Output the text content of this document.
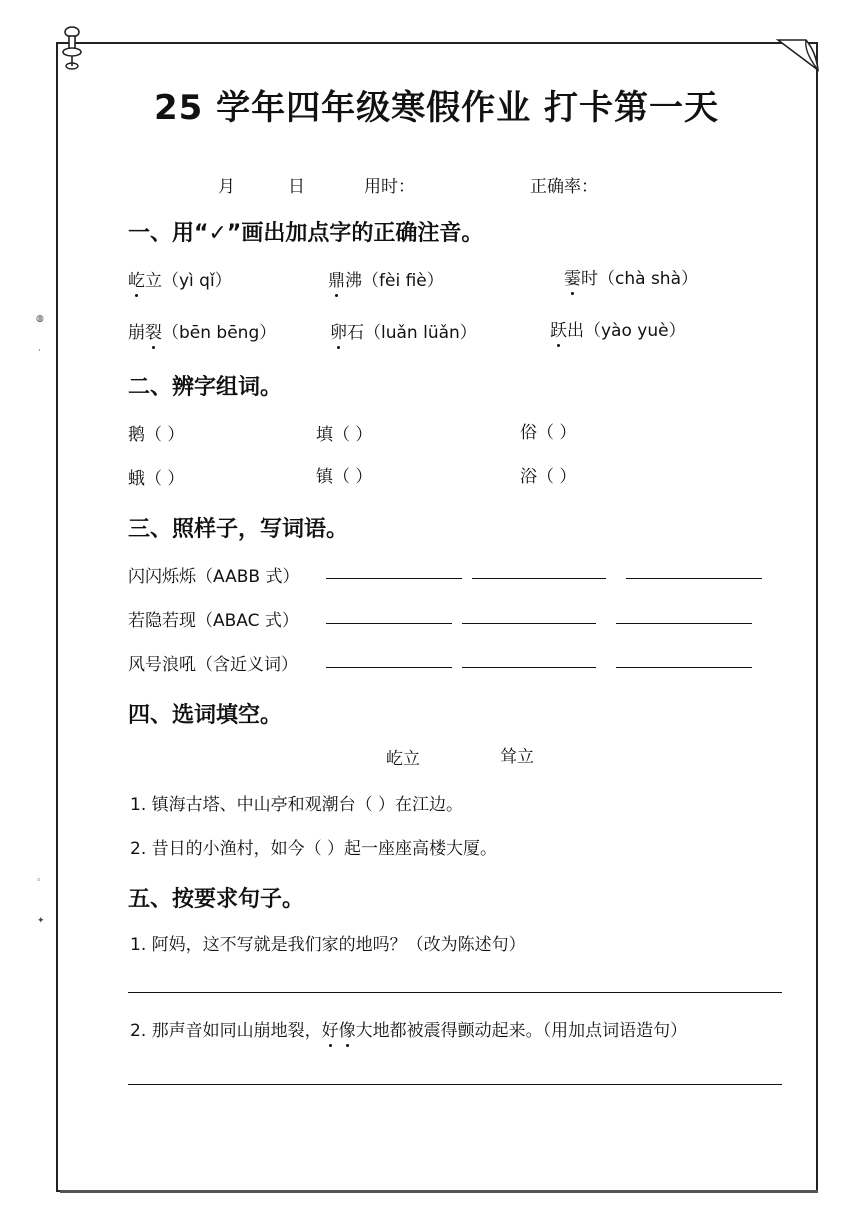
◍
·
◦
✦
25 学年四年级寒假作业 打卡第一天
月	日	用时：	正确率：
一、用“✓”画出加点字的正确注音。
屹立（yì qǐ）	鼎沸（fèi fiè）	霎时（chà shà）
崩裂（bēn bēng）	卵石（luǎn lüǎn）	跃出（yào yuè）
二、辨字组词。
鹅（ ）	填（ ）	俗（ ）
蛾（ ）	镇（ ）	浴（ ）
三、照样子，写词语。
闪闪烁烁（AABB 式）
若隐若现（ABAC 式）
风号浪吼（含近义词）
四、选词填空。
屹立	耸立
1. 镇海古塔、中山亭和观潮台（ ）在江边。
2. 昔日的小渔村，如今（ ）起一座座高楼大厦。
五、按要求句子。
1. 阿妈，这不写就是我们家的地吗？（改为陈述句）
2. 那声音如同山崩地裂，好像大地都被震得颤动起来。（用加点词语造句）
